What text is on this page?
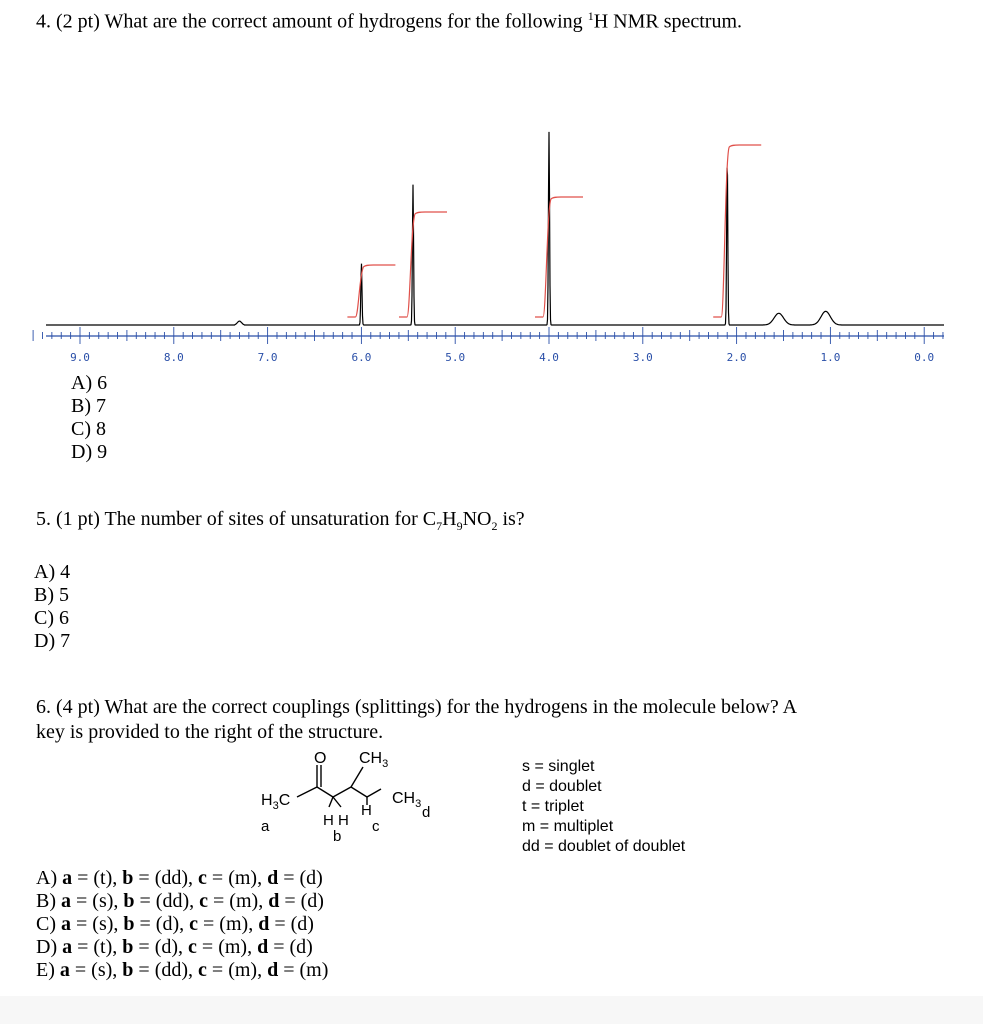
4. (2 pt) What are the correct amount of hydrogens for the following $^1$H NMR spectrum.
9.0	8.0	7.0	6.0	5.0	4.0	3.0	2.0	1.0	0.0
A) 6
B) 7
C) 8
D) 9
5. (1 pt) The number of sites of unsaturation for $C_7H_9NO_2$ is?
A) 4
B) 5
C) 6
D) 7
6. (4 pt) What are the correct couplings (splittings) for the hydrogens in the molecule below? A
key is provided to the right of the structure.
O $CH_3$
$H_3C$	$CH_3$
H
H H
a
b
c
d
s = singlet
d = doublet
t = triplet
m = multiplet
dd = doublet of doublet
A) a = (t), b = (dd), c = (m), d = (d)
B) a = (s), b = (dd), c = (m), d = (d)
C) a = (s), b = (d), c = (m), d = (d)
D) a = (t), b = (d), c = (m), d = (d)
E) a = (s), b = (dd), c = (m), d = (m)
